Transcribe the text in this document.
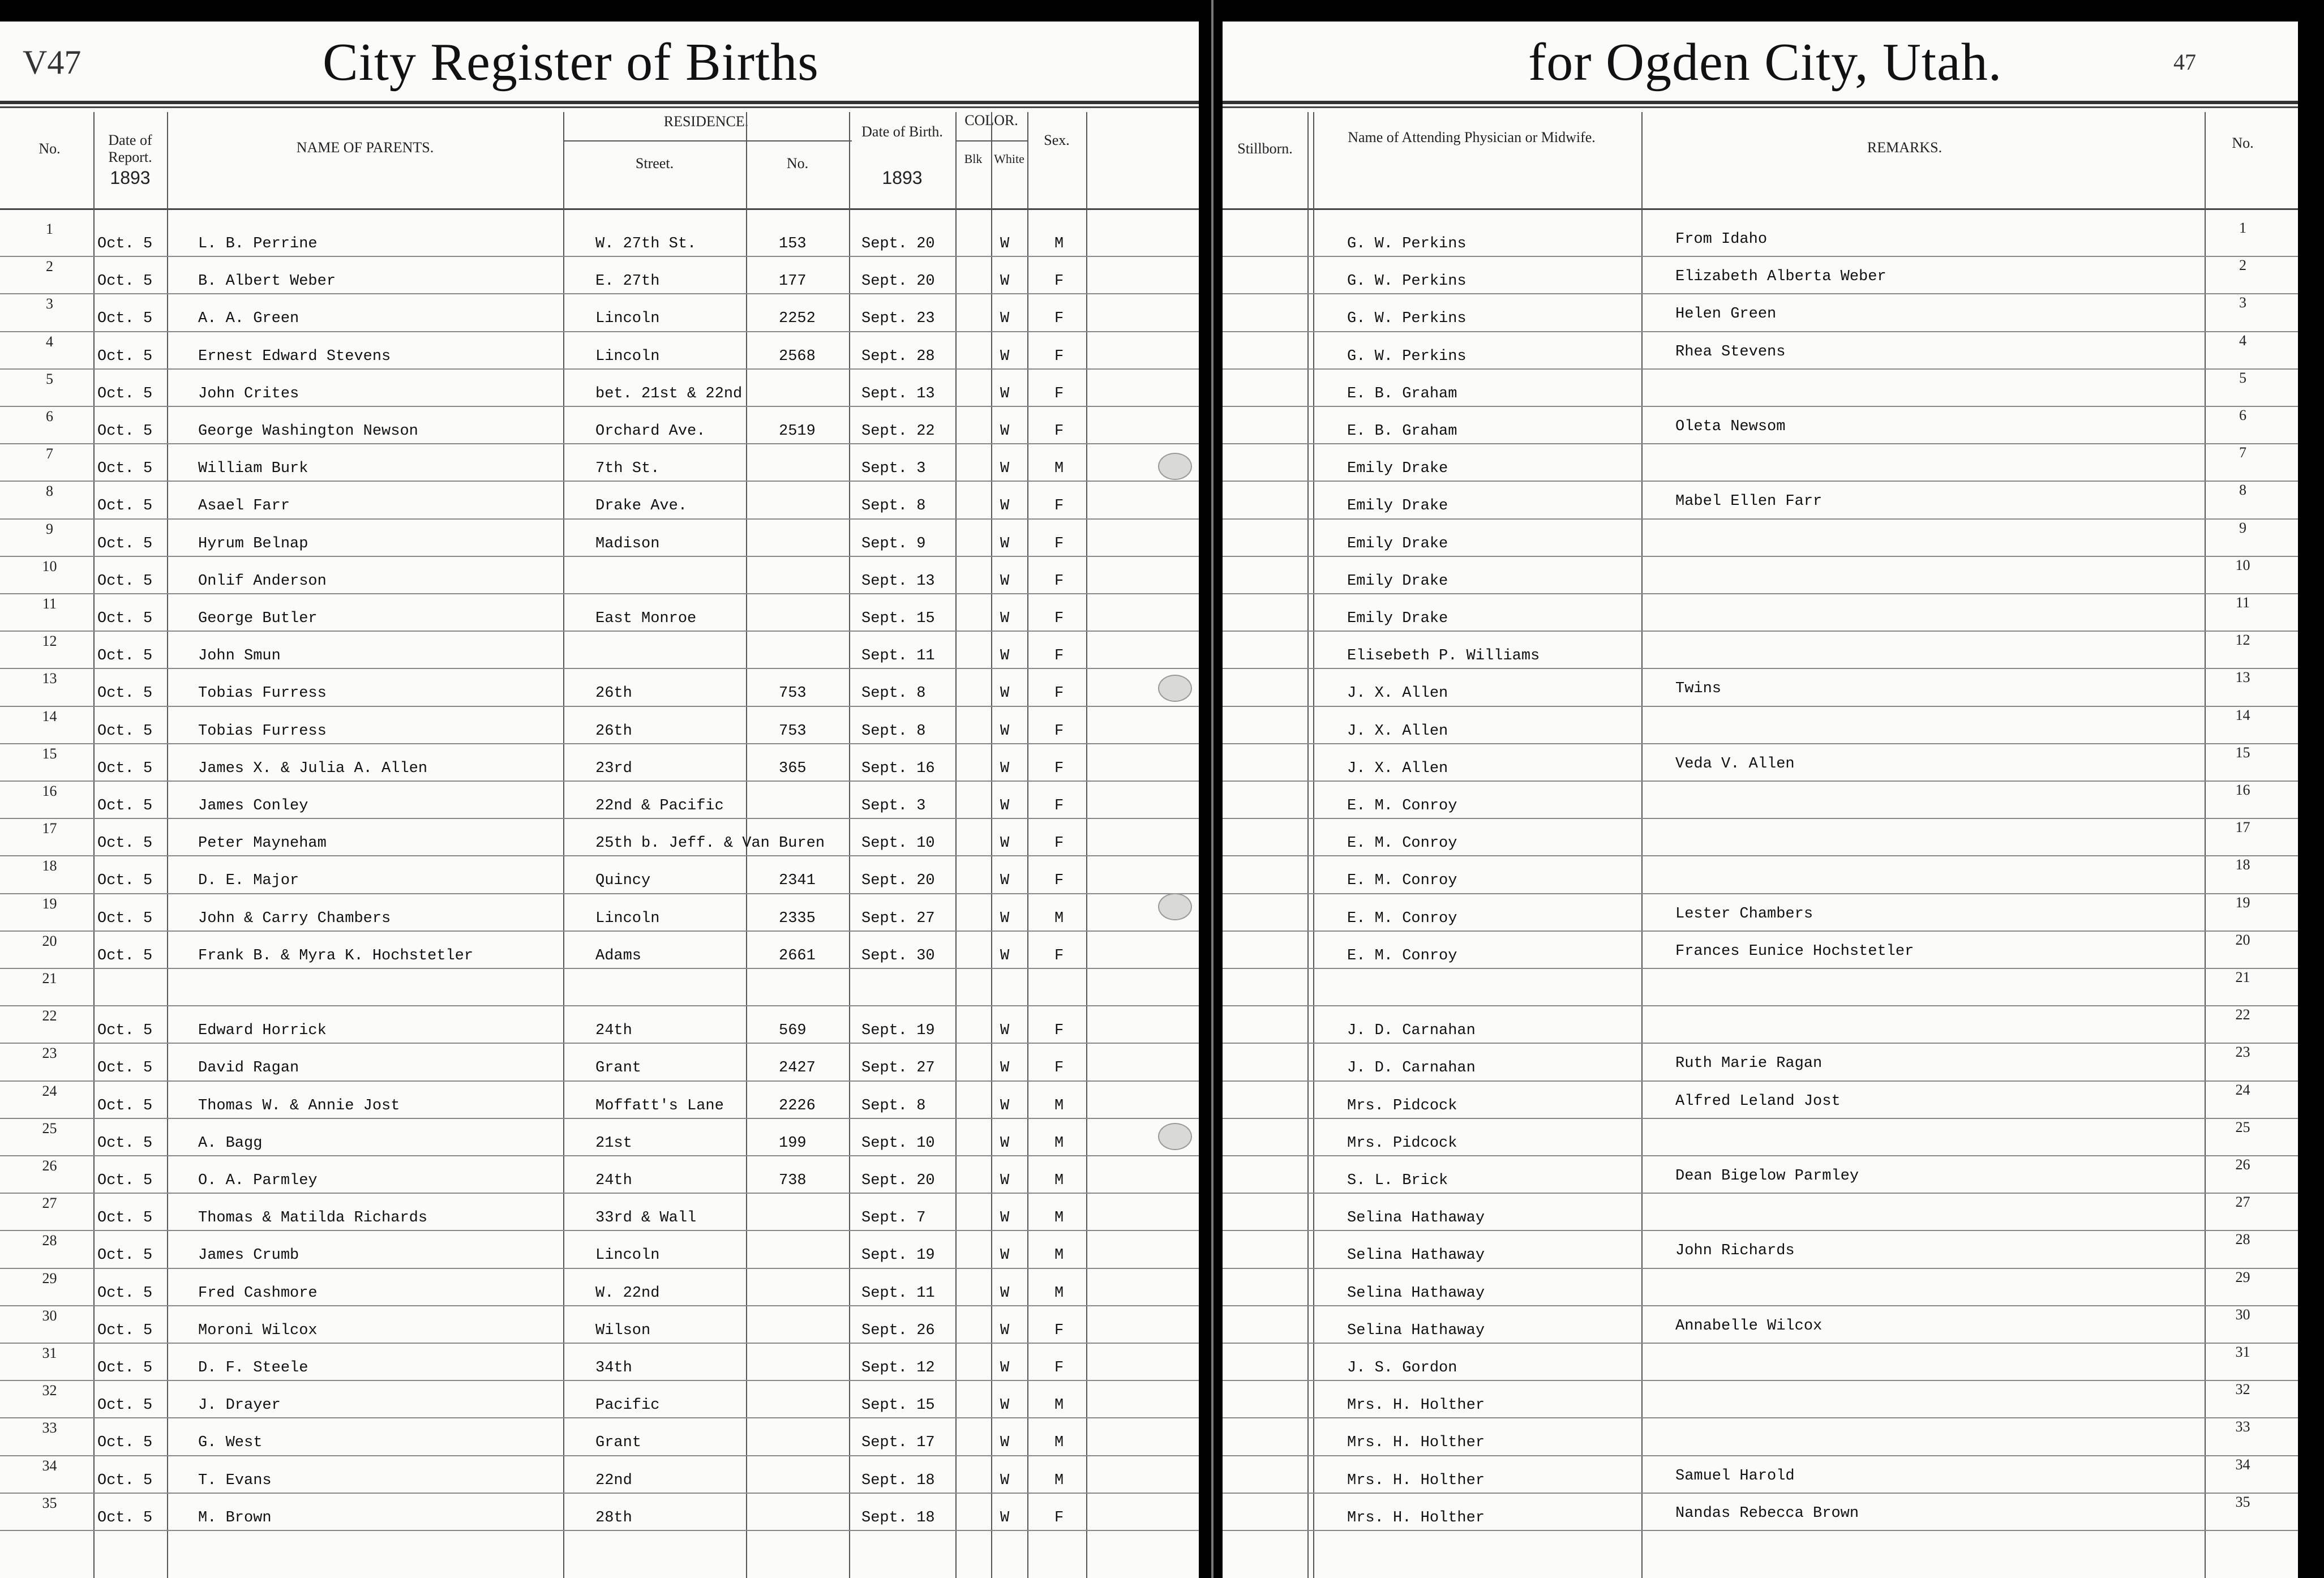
V47	City Register of Births
No.
Date of Report.
1893
NAME OF PARENTS.
RESIDENCE.
Street.	No.
Date of Birth.
1893
COLOR.
Blk White
Sex.
1
Oct. 5	L. B. Perrine	W. 27th St.	153	Sept. 20	W	M
2
Oct. 5	B. Albert Weber	E. 27th	177	Sept. 20	W	F
3
Oct. 5	A. A. Green	Lincoln	2252	Sept. 23	W	F
4
Oct. 5	Ernest Edward Stevens	Lincoln	2568	Sept. 28	W	F
5
Oct. 5	John Crites	bet. 21st & 22nd	Sept. 13	W	F
6
Oct. 5	George Washington Newson	Orchard Ave.	2519	Sept. 22	W	F
7
Oct. 5	William Burk	7th St.	Sept. 3	W	M
8
Oct. 5	Asael Farr	Drake Ave.	Sept. 8	W	F
9
Oct. 5	Hyrum Belnap	Madison	Sept. 9	W	F
10
Oct. 5	Onlif Anderson	Sept. 13	W	F
11
Oct. 5	George Butler	East Monroe	Sept. 15	W	F
12
Oct. 5	John Smun	Sept. 11	W	F
13
Oct. 5	Tobias Furress	26th	753	Sept. 8	W	F
14
Oct. 5	Tobias Furress	26th	753	Sept. 8	W	F
15
Oct. 5	James X. & Julia A. Allen	23rd	365	Sept. 16	W	F
16
Oct. 5	James Conley	22nd & Pacific	Sept. 3	W	F
17
Oct. 5	Peter Mayneham	25th b. Jeff. & Van Buren Sept. 10	W	F
18
Oct. 5	D. E. Major	Quincy	2341	Sept. 20	W	F
19
Oct. 5	John & Carry Chambers	Lincoln	2335	Sept. 27	W	M
20
Oct. 5	Frank B. & Myra K. Hochstetler	Adams	2661	Sept. 30	W	F
21
22
Oct. 5	Edward Horrick	24th	569	Sept. 19	W	F
23
Oct. 5	David Ragan	Grant	2427	Sept. 27	W	F
24
Oct. 5	Thomas W. & Annie Jost	Moffatt's Lane	2226	Sept. 8	W	M
25
Oct. 5	A. Bagg	21st	199	Sept. 10	W	M
26
Oct. 5	O. A. Parmley	24th	738	Sept. 20	W	M
27
Oct. 5	Thomas & Matilda Richards	33rd & Wall	Sept. 7	W	M
28
Oct. 5	James Crumb	Lincoln	Sept. 19	W	M
29
Oct. 5	Fred Cashmore	W. 22nd	Sept. 11	W	M
30
Oct. 5	Moroni Wilcox	Wilson	Sept. 26	W	F
31
Oct. 5	D. F. Steele	34th	Sept. 12	W	F
32
Oct. 5	J. Drayer	Pacific	Sept. 15	W	M
33
Oct. 5	G. West	Grant	Sept. 17	W	M
34
Oct. 5	T. Evans	22nd	Sept. 18	W	M
35
Oct. 5	M. Brown	28th	Sept. 18	W	F
for Ogden City, Utah.	47
Stillborn.
Name of Attending Physician or Midwife.
REMARKS.	No.
G. W. Perkins	From Idaho
1
G. W. Perkins	Elizabeth Alberta Weber
2
G. W. Perkins	Helen Green
3
G. W. Perkins	Rhea Stevens
4
E. B. Graham
5
E. B. Graham	Oleta Newsom
6
Emily Drake
7
Emily Drake	Mabel Ellen Farr
8
Emily Drake
9
Emily Drake
10
Emily Drake
11
Elisebeth P. Williams
12
J. X. Allen	Twins
13
J. X. Allen
14
J. X. Allen	Veda V. Allen
15
E. M. Conroy
16
E. M. Conroy
17
E. M. Conroy
18
E. M. Conroy	Lester Chambers
19
E. M. Conroy	Frances Eunice Hochstetler
20
21
J. D. Carnahan
22
J. D. Carnahan	Ruth Marie Ragan
23
Mrs. Pidcock	Alfred Leland Jost
24
Mrs. Pidcock
25
S. L. Brick	Dean Bigelow Parmley
26
Selina Hathaway
27
Selina Hathaway	John Richards
28
Selina Hathaway
29
Selina Hathaway	Annabelle Wilcox
30
J. S. Gordon
31
Mrs. H. Holther
32
Mrs. H. Holther
33
Mrs. H. Holther	Samuel Harold
34
Mrs. H. Holther	Nandas Rebecca Brown
35
